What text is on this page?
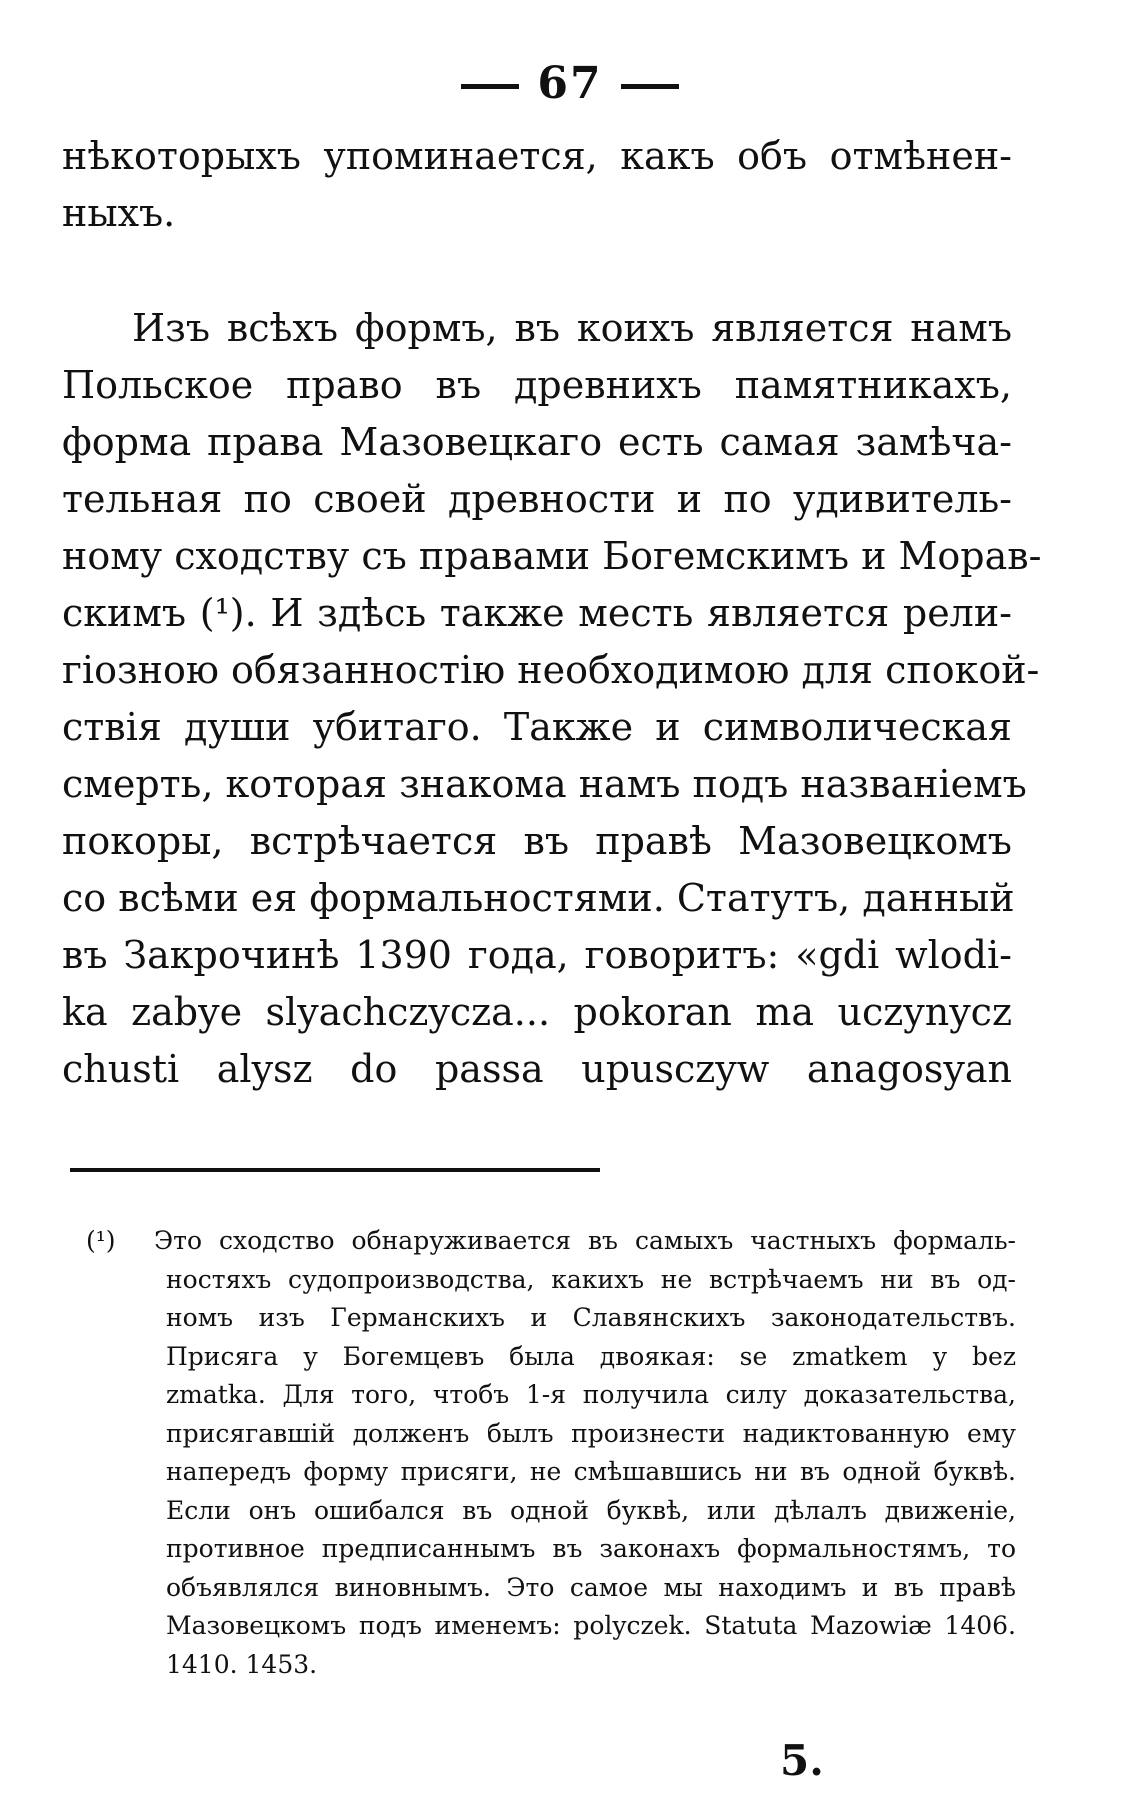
67
нѣкоторыхъ упоминается, какъ объ отмѣнен-
ныхъ.
Изъ всѣхъ формъ, въ коихъ является намъ
Польское право въ древнихъ памятникахъ,
форма права Мазовецкаго есть самая замѣча-
тельная по своей древности и по удивитель-
ному сходству съ правами Богемскимъ и Морав-
скимъ (¹). И здѣсь также месть является рели-
гіозною обязанностію необходимою для спокой-
ствія души убитаго. Также и символическая
смерть, которая знакома намъ подъ названіемъ
покоры, встрѣчается въ правѣ Мазовецкомъ
со всѣми ея формальностями. Статутъ, данный
въ Закрочинѣ 1390 года, говоритъ: «gdi wlodi-
ka zabye slyachczycza... pokoran ma uczynycz
chusti alysz do passa upusczyw anagosyan
(¹) Это сходство обнаруживается въ самыхъ частныхъ формаль-
ностяхъ судопроизводства, какихъ не встрѣчаемъ ни въ од-
номъ изъ Германскихъ и Славянскихъ законодательствъ.
Присяга у Богемцевъ была двоякая: se zmatkem у bez
zmatka. Для того, чтобъ 1-я получила силу доказательства,
присягавшій долженъ былъ произнести надиктованную ему
напередъ форму присяги, не смѣшавшись ни въ одной буквѣ.
Если онъ ошибался въ одной буквѣ, или дѣлалъ движеніе,
противное предписаннымъ въ законахъ формальностямъ, то
объявлялся виновнымъ. Это самое мы находимъ и въ правѣ
Мазовецкомъ подъ именемъ: polyczek. Statuta Mazowiæ 1406.
1410. 1453.
5.
